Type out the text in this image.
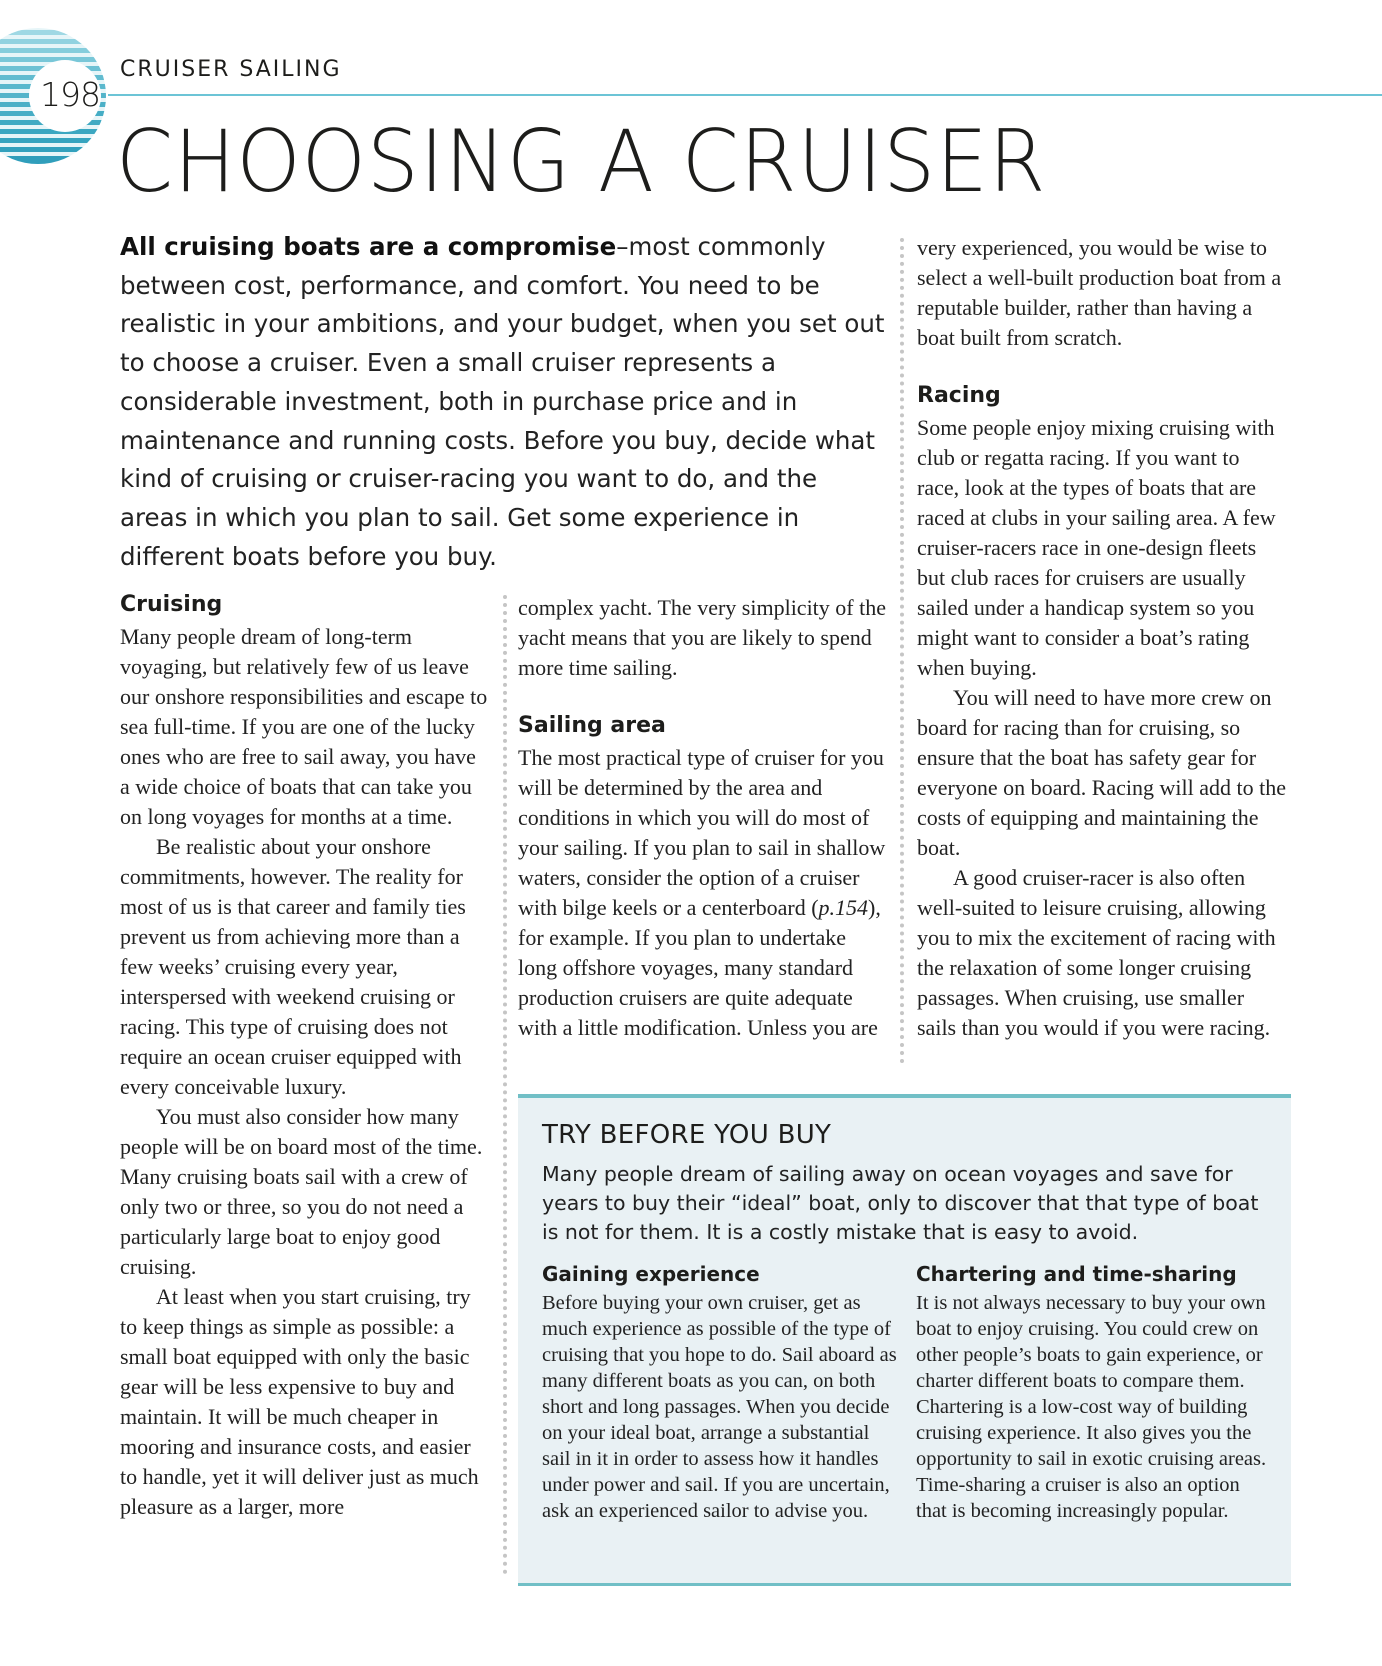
198
CRUISER SAILING
CHOOSING A CRUISER
All cruising boats are a compromise–most commonly between cost, performance, and comfort. You need to be realistic in your ambitions, and your budget, when you set out to choose a cruiser. Even a small cruiser represents a considerable investment, both in purchase price and in maintenance and running costs. Before you buy, decide what kind of cruising or cruiser-racing you want to do, and the areas in which you plan to sail. Get some experience in different boats before you buy.
Cruising

Many people dream of long-term voyaging, but relatively few of us leave our onshore responsibilities and escape to sea full-time. If you are one of the lucky ones who are free to sail away, you have a wide choice of boats that can take you on long voyages for months at a time.

Be realistic about your onshore commitments, however. The reality for most of us is that career and family ties prevent us from achieving more than a few weeks’ cruising every year, interspersed with weekend cruising or racing. This type of cruising does not require an ocean cruiser equipped with every conceivable luxury.

You must also consider how many people will be on board most of the time. Many cruising boats sail with a crew of only two or three, so you do not need a particularly large boat to enjoy good cruising.

At least when you start cruising, try to keep things as simple as possible: a small boat equipped with only the basic gear will be less expensive to buy and maintain. It will be much cheaper in mooring and insurance costs, and easier to handle, yet it will deliver just as much pleasure as a larger, more

complex yacht. The very simplicity of the yacht means that you are likely to spend more time sailing.

Sailing area

The most practical type of cruiser for you will be determined by the area and conditions in which you will do most of your sailing. If you plan to sail in shallow waters, consider the option of a cruiser with bilge keels or a centerboard (p.154), for example. If you plan to undertake long offshore voyages, many standard production cruisers are quite adequate with a little modification. Unless you are

very experienced, you would be wise to select a well-built production boat from a reputable builder, rather than having a boat built from scratch.

Racing

Some people enjoy mixing cruising with club or regatta racing. If you want to race, look at the types of boats that are raced at clubs in your sailing area. A few cruiser-racers race in one-design fleets but club races for cruisers are usually sailed under a handicap system so you might want to consider a boat’s rating when buying.

You will need to have more crew on board for racing than for cruising, so ensure that the boat has safety gear for everyone on board. Racing will add to the costs of equipping and maintaining the boat.

A good cruiser-racer is also often well-suited to leisure cruising, allowing you to mix the excitement of racing with the relaxation of some longer cruising passages. When cruising, use smaller sails than you would if you were racing.

TRY BEFORE YOU BUY
Many people dream of sailing away on ocean voyages and save for years to buy their “ideal” boat, only to discover that that type of boat is not for them. It is a costly mistake that is easy to avoid.
Gaining experience

Before buying your own cruiser, get as much experience as possible of the type of cruising that you hope to do. Sail aboard as many different boats as you can, on both short and long passages. When you decide on your ideal boat, arrange a substantial sail in it in order to assess how it handles under power and sail. If you are uncertain, ask an experienced sailor to advise you.

Chartering and time-sharing

It is not always necessary to buy your own boat to enjoy cruising. You could crew on other people’s boats to gain experience, or charter different boats to compare them. Chartering is a low-cost way of building cruising experience. It also gives you the opportunity to sail in exotic cruising areas. Time-sharing a cruiser is also an option that is becoming increasingly popular.
